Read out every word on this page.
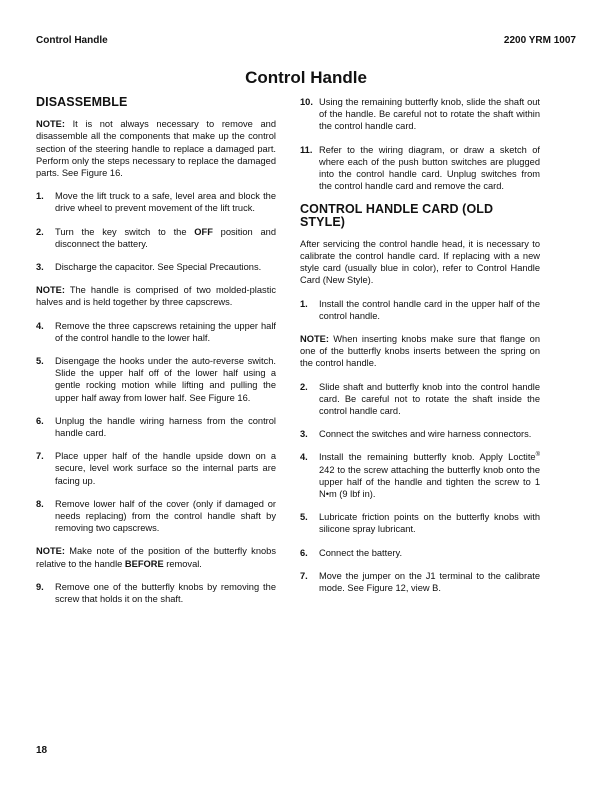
Control Handle	2200 YRM 1007
Control Handle
DISASSEMBLE

NOTE: It is not always necessary to remove and disassemble all the components that make up the control section of the steering handle to replace a damaged part. Perform only the steps necessary to replace the damaged parts. See Figure 16.

1. Move the lift truck to a safe, level area and block the drive wheel to prevent movement of the lift truck.
2. Turn the key switch to the OFF position and disconnect the battery.
3. Discharge the capacitor. See Special Precautions.

NOTE: The handle is comprised of two molded-plastic halves and is held together by three capscrews.

4. Remove the three capscrews retaining the upper half of the control handle to the lower half.
5. Disengage the hooks under the auto-reverse switch. Slide the upper half off of the lower half using a gentle rocking motion while lifting and pulling the upper half away from lower half. See Figure 16.
6. Unplug the handle wiring harness from the control handle card.
7. Place upper half of the handle upside down on a secure, level work surface so the internal parts are facing up.
8. Remove lower half of the cover (only if damaged or needs replacing) from the control handle shaft by removing two capscrews.

NOTE: Make note of the position of the butterfly knobs relative to the handle BEFORE removal.

9. Remove one of the butterfly knobs by removing the screw that holds it on the shaft.
10. Using the remaining butterfly knob, slide the shaft out of the handle. Be careful not to rotate the shaft within the control handle card.
11. Refer to the wiring diagram, or draw a sketch of where each of the push button switches are plugged into the control handle card. Unplug switches from the control handle card and remove the card.
CONTROL HANDLE CARD (OLD STYLE)

After servicing the control handle head, it is necessary to calibrate the control handle card. If replacing with a new style card (usually blue in color), refer to Control Handle Card (New Style).

1. Install the control handle card in the upper half of the control handle.

NOTE: When inserting knobs make sure that flange on one of the butterfly knobs inserts between the spring on the control handle.

2. Slide shaft and butterfly knob into the control handle card. Be careful not to rotate the shaft inside the control handle card.
3. Connect the switches and wire harness connectors.
4. Install the remaining butterfly knob. Apply Loctite® 242 to the screw attaching the butterfly knob onto the upper half of the handle and tighten the screw to 1 N•m (9 lbf in).
5. Lubricate friction points on the butterfly knobs with silicone spray lubricant.
6. Connect the battery.
7. Move the jumper on the J1 terminal to the calibrate mode. See Figure 12, view B.
18
